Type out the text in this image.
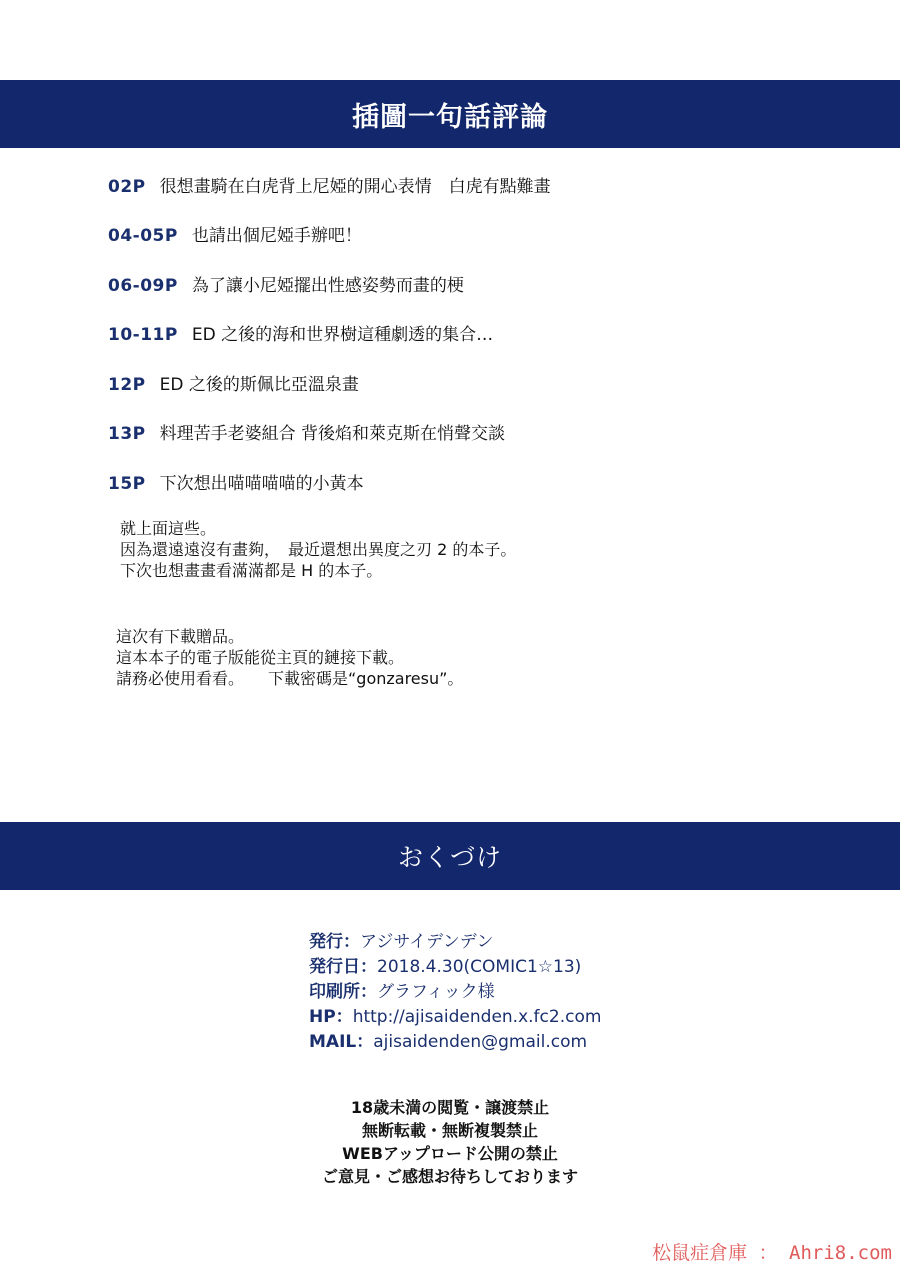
插圖一句話評論
02P 很想畫騎在白虎背上尼婭的開心表情　白虎有點難畫
04-05P 也請出個尼婭手辦吧！
06-09P 為了讓小尼婭擺出性感姿勢而畫的梗
10-11P ED 之後的海和世界樹這種劇透的集合…
12P ED 之後的斯佩比亞溫泉畫
13P 料理苦手老婆組合 背後焰和萊克斯在悄聲交談
15P 下次想出喵喵喵喵的小黃本
就上面這些。
因為還遠遠沒有畫夠，　最近還想出異度之刃 2 的本子。
下次也想畫畫看滿滿都是 H 的本子。
這次有下載贈品。
這本本子的電子版能從主頁的鏈接下載。
請務必使用看看。　　下載密碼是“gonzaresu”。
おくづけ
発行：アジサイデンデン
発行日：2018.4.30(COMIC1☆13)
印刷所：グラフィック様
HP：http://ajisaidenden.x.fc2.com
MAIL：ajisaidenden@gmail.com
18歳未満の閲覧・譲渡禁止
無断転載・無断複製禁止
WEBアップロード公開の禁止
ご意見・ご感想お待ちしております
松鼠症倉庫 ： Ahri8.com
